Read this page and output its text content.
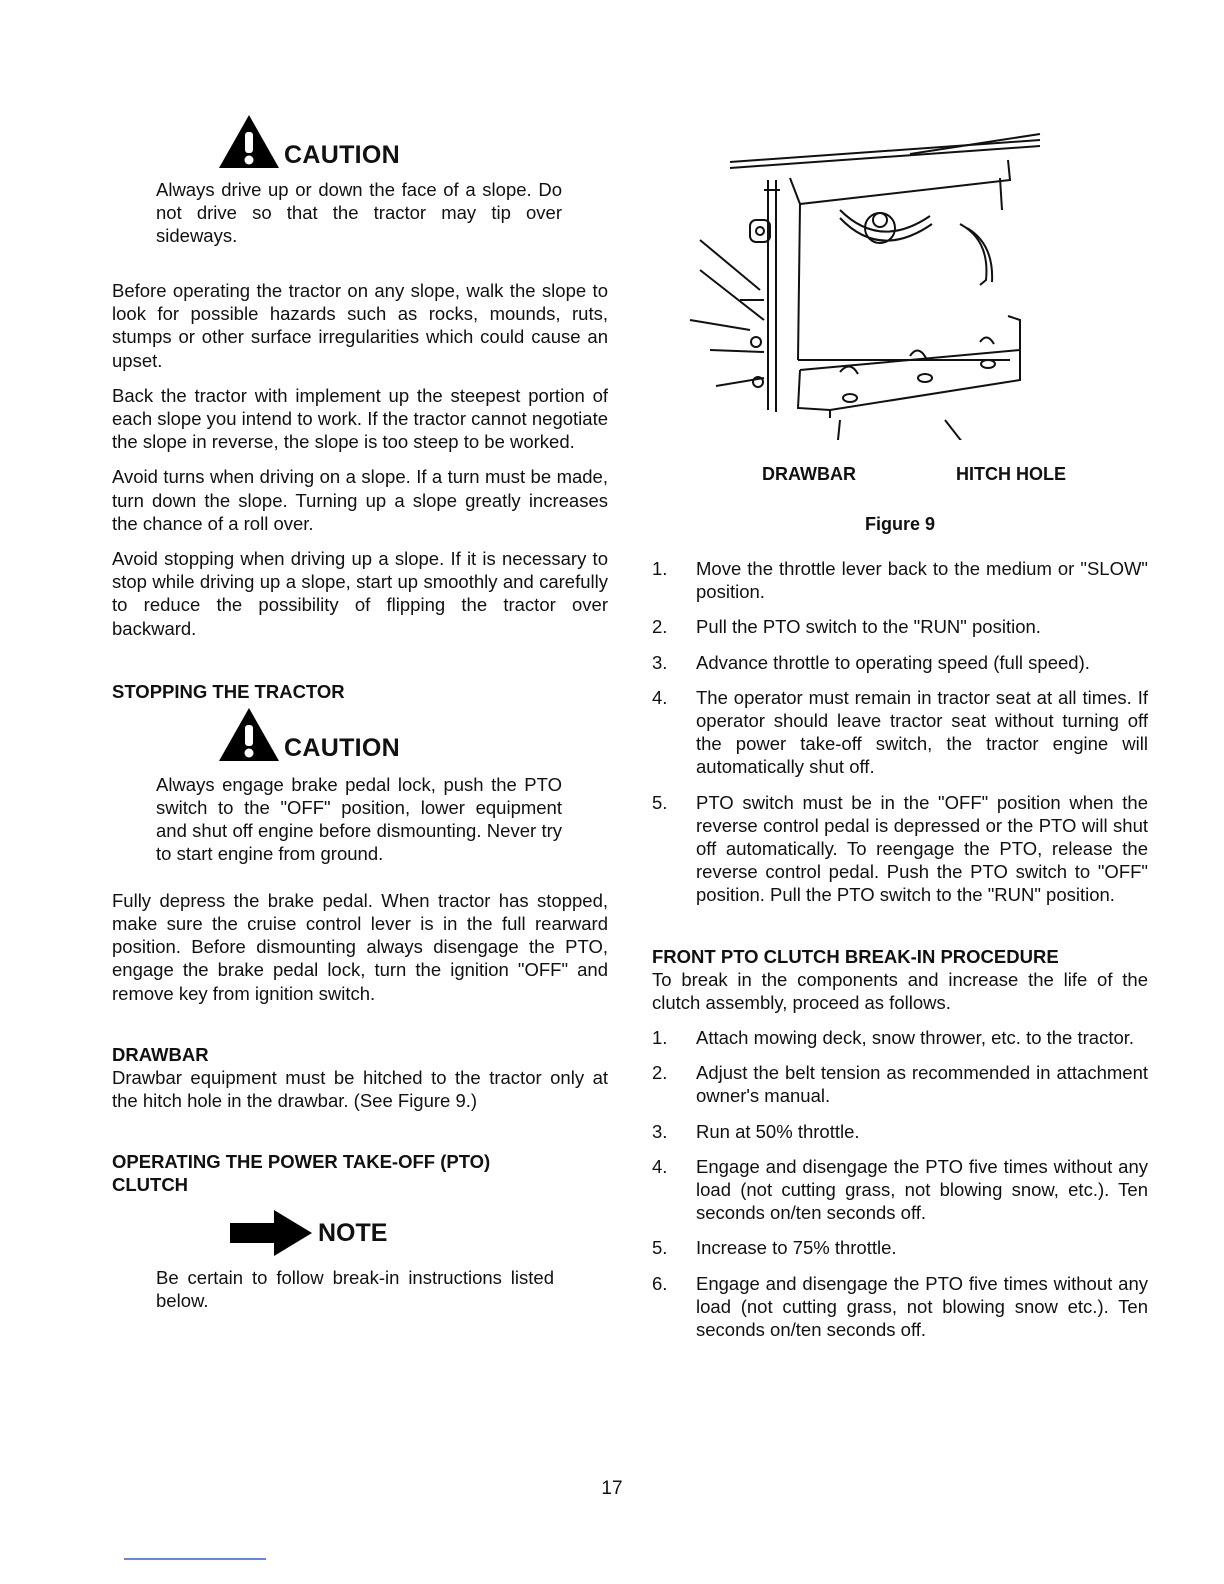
CAUTION
Always drive up or down the face of a slope. Do not drive so that the tractor may tip over sideways.

Before operating the tractor on any slope, walk the slope to look for possible hazards such as rocks, mounds, ruts, stumps or other surface irregularities which could cause an upset.

Back the tractor with implement up the steepest portion of each slope you intend to work. If the tractor cannot negotiate the slope in reverse, the slope is too steep to be worked.

Avoid turns when driving on a slope. If a turn must be made, turn down the slope. Turning up a slope greatly increases the chance of a roll over.

Avoid stopping when driving up a slope. If it is necessary to stop while driving up a slope, start up smoothly and carefully to reduce the possibility of flipping the tractor over backward.

STOPPING THE TRACTOR

CAUTION
Always engage brake pedal lock, push the PTO switch to the "OFF" position, lower equipment and shut off engine before dismounting. Never try to start engine from ground.

Fully depress the brake pedal. When tractor has stopped, make sure the cruise control lever is in the full rearward position. Before dismounting always disengage the PTO, engage the brake pedal lock, turn the ignition "OFF" and remove key from ignition switch.

DRAWBAR

Drawbar equipment must be hitched to the tractor only at the hitch hole in the drawbar. (See Figure 9.)

OPERATING THE POWER TAKE-OFF (PTO)

CLUTCH

NOTE
Be certain to follow break-in instructions listed below.
DRAWBAR	HITCH HOLE
Figure 9
1.	Move the throttle lever back to the medium or "SLOW" position.
2.	Pull the PTO switch to the "RUN" position.
3.	Advance throttle to operating speed (full speed).
4.	The operator must remain in tractor seat at all times. If operator should leave tractor seat without turning off the power take-off switch, the tractor engine will automatically shut off.
5.	PTO switch must be in the "OFF" position when the reverse control pedal is depressed or the PTO will shut off automatically. To reengage the PTO, release the reverse control pedal. Push the PTO switch to "OFF" position. Pull the PTO switch to the "RUN" position.

FRONT PTO CLUTCH BREAK-IN PROCEDURE

To break in the components and increase the life of the clutch assembly, proceed as follows.

1.	Attach mowing deck, snow thrower, etc. to the tractor.
2.	Adjust the belt tension as recommended in attachment owner's manual.
3.	Run at 50% throttle.
4.	Engage and disengage the PTO five times without any load (not cutting grass, not blowing snow, etc.). Ten seconds on/ten seconds off.
5.	Increase to 75% throttle.
6.	Engage and disengage the PTO five times without any load (not cutting grass, not blowing snow etc.). Ten seconds on/ten seconds off.
17
